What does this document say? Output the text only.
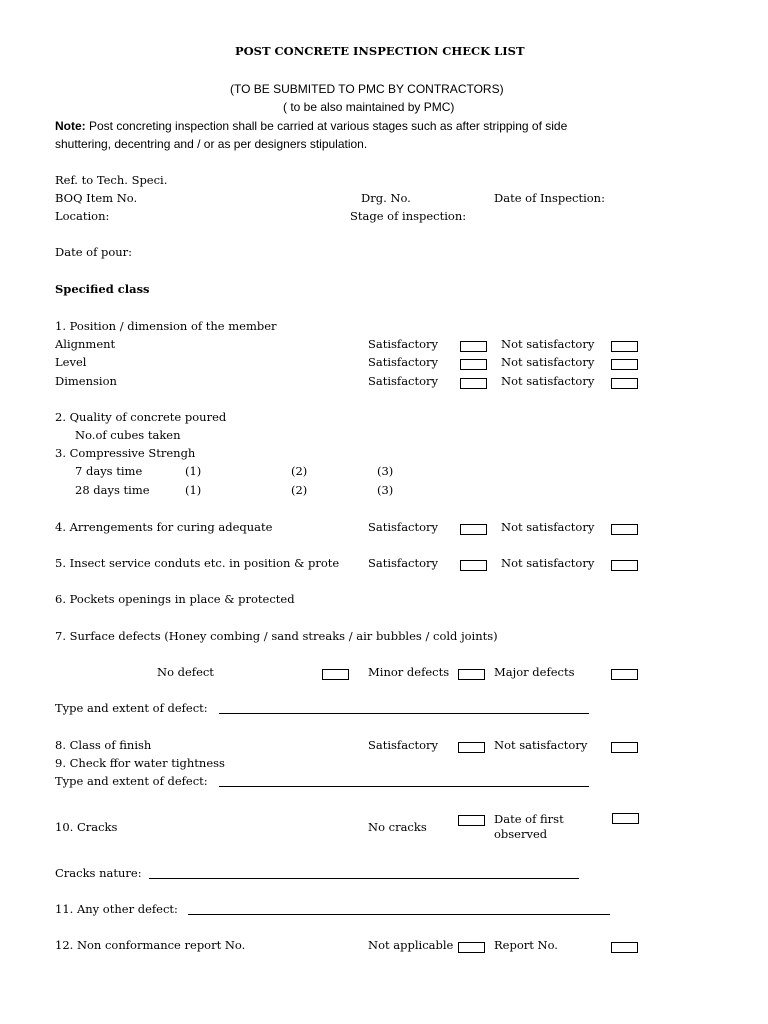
POST CONCRETE INSPECTION CHECK LIST
(TO BE SUBMITED TO PMC BY CONTRACTORS)
( to be also maintained by PMC)
Note: Post concreting inspection shall be carried at various stages such as after stripping of side
shuttering, decentring and / or as per designers stipulation.
Ref. to Tech. Speci.
BOQ Item No.	Drg. No.	Date of Inspection:
Location:	Stage of inspection:
Date of pour:
Specified class
1. Position / dimension of the member
Alignment	Satisfactory	Not satisfactory
Level	Satisfactory	Not satisfactory
Dimension	Satisfactory	Not satisfactory
2. Quality of concrete poured
No.of cubes taken
3. Compressive Strengh
7 days time	(1)	(2)	(3)
28 days time	(1)	(2)	(3)
4. Arrengements for curing adequate	Satisfactory	Not satisfactory
5. Insect service conduts etc. in position & prote	Satisfactory	Not satisfactory
6. Pockets openings in place & protected
7. Surface defects (Honey combing / sand streaks / air bubbles / cold joints)
No defect	Minor defects	Major defects
Type and extent of defect:
8. Class of finish	Satisfactory	Not satisfactory
9. Check ffor water tightness
Type and extent of defect:
10. Cracks	No cracks
Date of first
observed
Cracks nature:
11. Any other defect:
12. Non conformance report No.	Not applicable	Report No.
